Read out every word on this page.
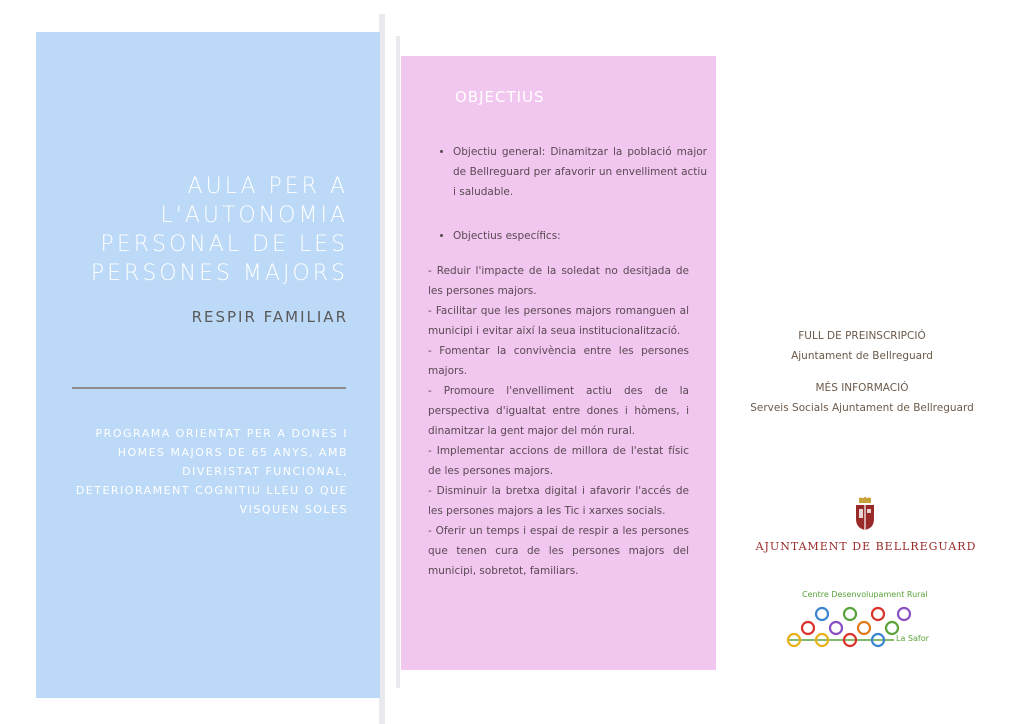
AULA PER A
L'AUTONOMIA
PERSONAL DE LES
PERSONES MAJORS
RESPIR FAMILIAR
PROGRAMA ORIENTAT PER A DONES I
HOMES MAJORS DE 65 ANYS, AMB
DIVERISTAT FUNCIONAL,
DETERIORAMENT COGNITIU LLEU O QUE
VISQUEN SOLES
OBJECTIUS
• Objectiu general: Dinamitzar la població major de Bellreguard per afavorir un envelliment actiu i saludable.
• Objectius específics:

- Reduir l'impacte de la soledat no desitjada de les persones majors.

- Facilitar que les persones majors romanguen al municipi i evitar així la seua institucionalització.

- Fomentar la convivència entre les persones majors.

- Promoure l'envelliment actiu des de la perspectiva d'igualtat entre dones i hòmens, i dinamitzar la gent major del món rural.

- Implementar accions de millora de l'estat físic de les persones majors.

- Disminuir la bretxa digital i afavorir l'accés de les persones majors a les Tic i xarxes socials.

- Oferir un temps i espai de respir a les persones que tenen cura de les persones majors del municipi, sobretot, familiars.

FULL DE PREINSCRIPCIÓ
Ajuntament de Bellreguard
MÉS INFORMACIÓ
Serveis Socials Ajuntament de Bellreguard
AJUNTAMENT DE BELLREGUARD
Centre Desenvolupament Rural
La Safor
